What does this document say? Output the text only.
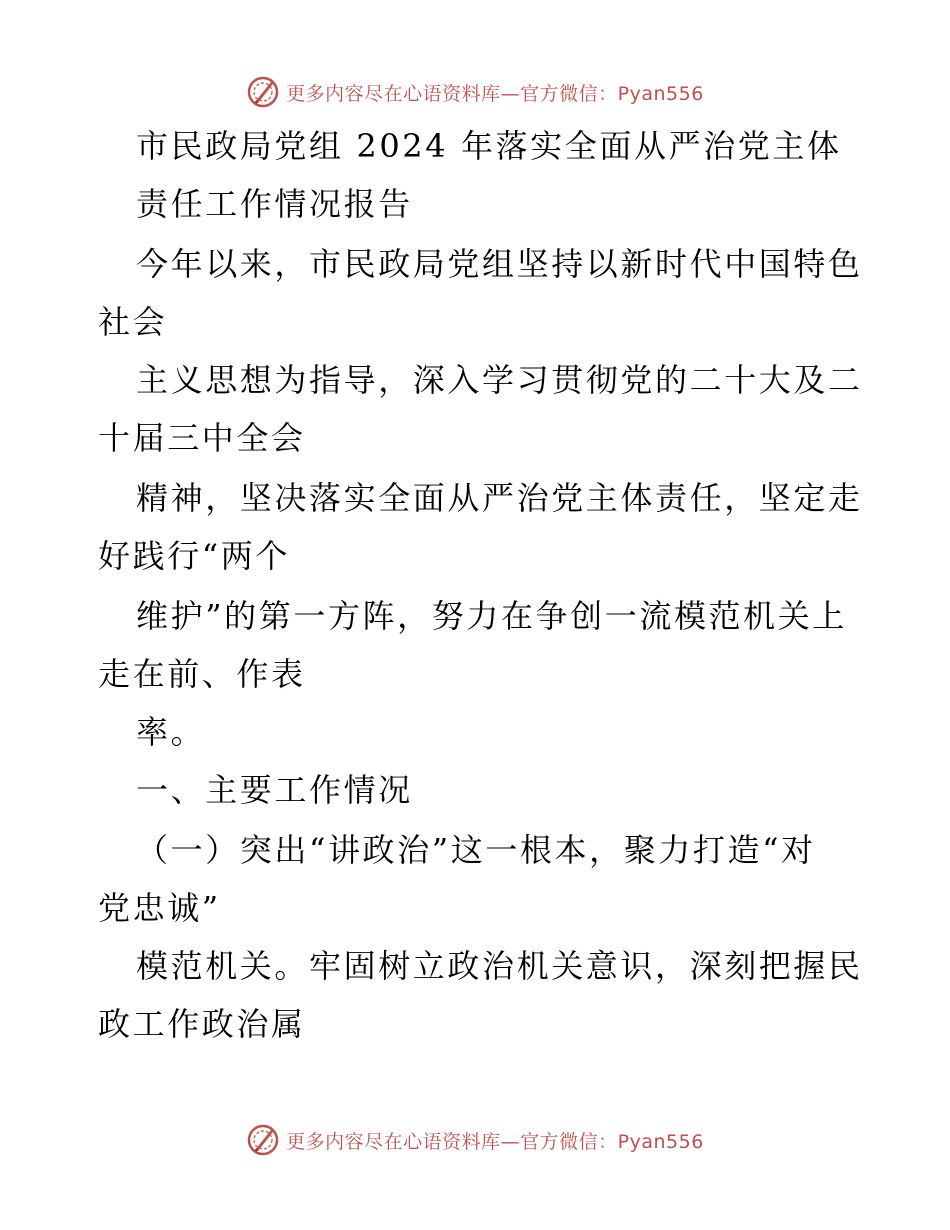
更多内容尽在心语资料库—官方微信：Pyan556
市民政局党组 2024 年落实全面从严治党主体
责任工作情况报告
今年以来，市民政局党组坚持以新时代中国特色
社会
主义思想为指导，深入学习贯彻党的二十大及二
十届三中全会
精神，坚决落实全面从严治党主体责任，坚定走
好践行“两个
维护”的第一方阵，努力在争创一流模范机关上
走在前、作表
率。
一、主要工作情况
（一）突出“讲政治”这一根本，聚力打造“对
党忠诚”
模范机关。牢固树立政治机关意识，深刻把握民
政工作政治属
更多内容尽在心语资料库—官方微信：Pyan556
